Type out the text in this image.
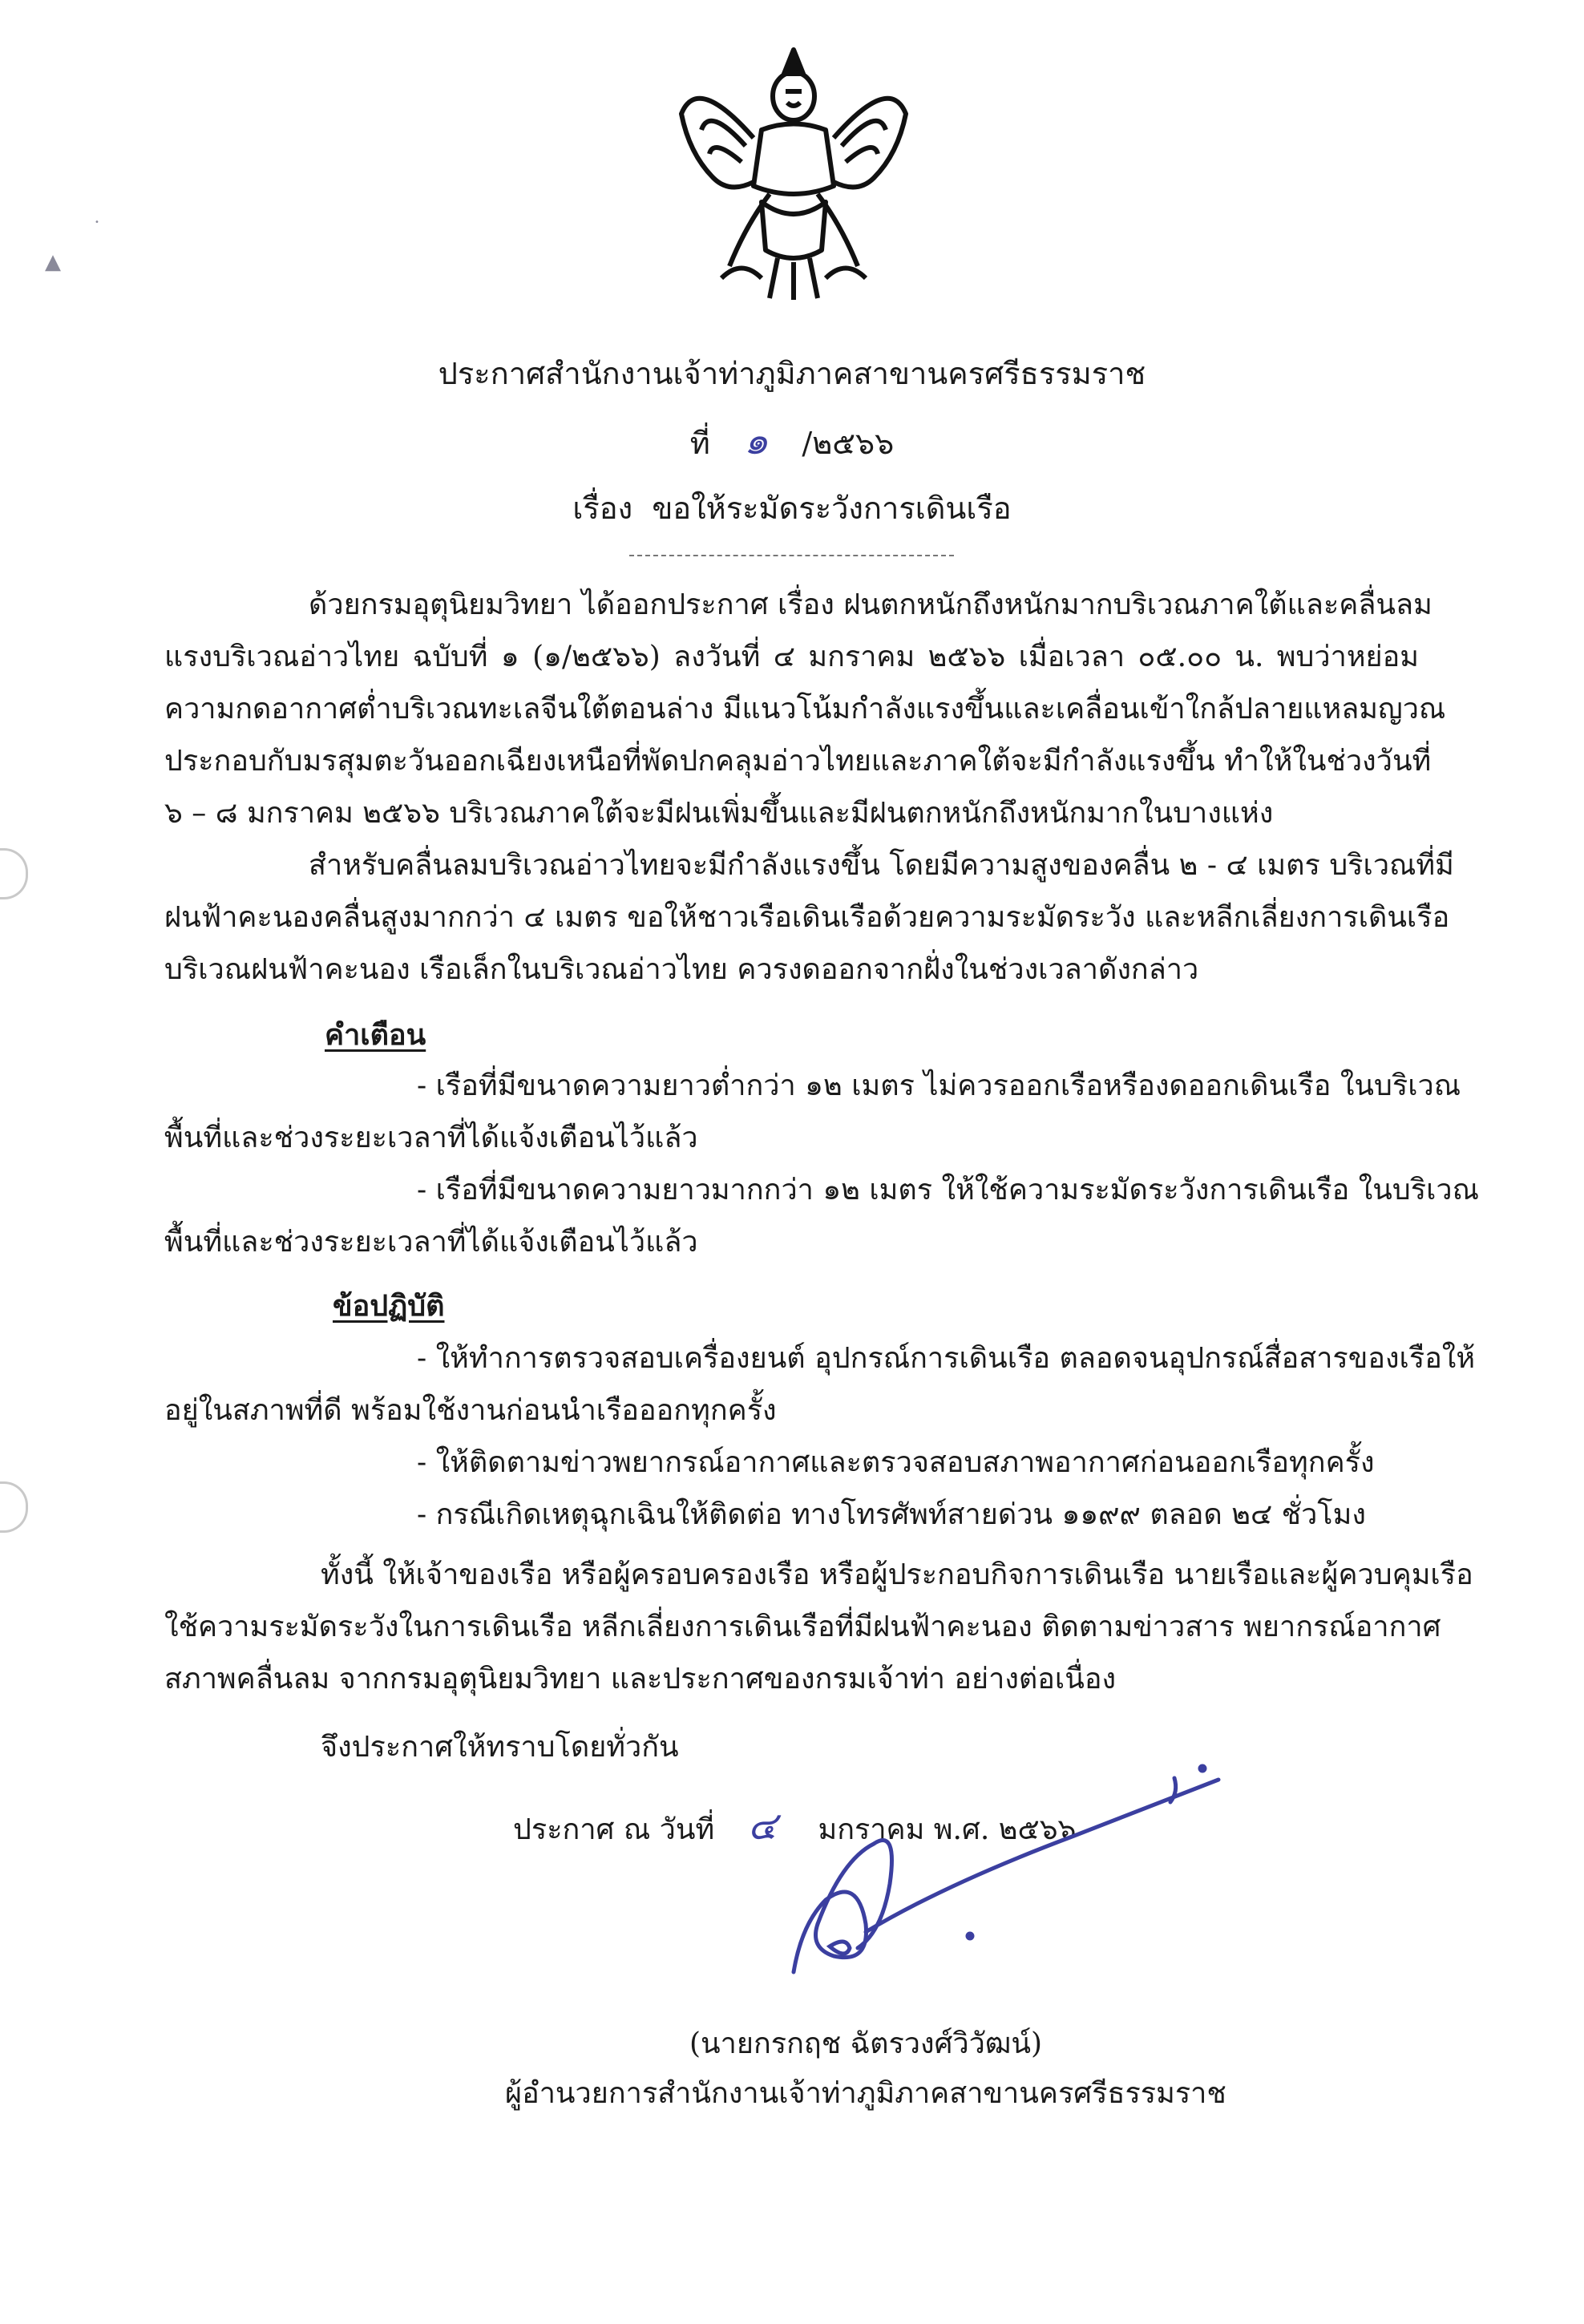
▲
•
ประกาศสำนักงานเจ้าท่าภูมิภาคสาขานครศรีธรรมราช
ที่ ๑ /๒๕๖๖
เรื่อง ขอให้ระมัดระวังการเดินเรือ
ด้วยกรมอุตุนิยมวิทยา ได้ออกประกาศ เรื่อง ฝนตกหนักถึงหนักมากบริเวณภาคใต้และคลื่นลม
แรงบริเวณอ่าวไทย ฉบับที่ ๑ (๑/๒๕๖๖) ลงวันที่ ๔ มกราคม ๒๕๖๖ เมื่อเวลา ๐๕.๐๐ น. พบว่าหย่อม
ความกดอากาศต่ำบริเวณทะเลจีนใต้ตอนล่าง มีแนวโน้มกำลังแรงขึ้นและเคลื่อนเข้าใกล้ปลายแหลมญวณ
ประกอบกับมรสุมตะวันออกเฉียงเหนือที่พัดปกคลุมอ่าวไทยและภาคใต้จะมีกำลังแรงขึ้น ทำให้ในช่วงวันที่
๖ – ๘ มกราคม ๒๕๖๖ บริเวณภาคใต้จะมีฝนเพิ่มขึ้นและมีฝนตกหนักถึงหนักมากในบางแห่ง
สำหรับคลื่นลมบริเวณอ่าวไทยจะมีกำลังแรงขึ้น โดยมีความสูงของคลื่น ๒ - ๔ เมตร บริเวณที่มี
ฝนฟ้าคะนองคลื่นสูงมากกว่า ๔ เมตร ขอให้ชาวเรือเดินเรือด้วยความระมัดระวัง และหลีกเลี่ยงการเดินเรือ
บริเวณฝนฟ้าคะนอง เรือเล็กในบริเวณอ่าวไทย ควรงดออกจากฝั่งในช่วงเวลาดังกล่าว
คำเตือน
- เรือที่มีขนาดความยาวต่ำกว่า ๑๒ เมตร ไม่ควรออกเรือหรืองดออกเดินเรือ ในบริเวณ
พื้นที่และช่วงระยะเวลาที่ได้แจ้งเตือนไว้แล้ว
- เรือที่มีขนาดความยาวมากกว่า ๑๒ เมตร ให้ใช้ความระมัดระวังการเดินเรือ ในบริเวณ
พื้นที่และช่วงระยะเวลาที่ได้แจ้งเตือนไว้แล้ว
ข้อปฏิบัติ
- ให้ทำการตรวจสอบเครื่องยนต์ อุปกรณ์การเดินเรือ ตลอดจนอุปกรณ์สื่อสารของเรือให้
อยู่ในสภาพที่ดี พร้อมใช้งานก่อนนำเรือออกทุกครั้ง
- ให้ติดตามข่าวพยากรณ์อากาศและตรวจสอบสภาพอากาศก่อนออกเรือทุกครั้ง
- กรณีเกิดเหตุฉุกเฉินให้ติดต่อ ทางโทรศัพท์สายด่วน ๑๑๙๙ ตลอด ๒๔ ชั่วโมง
ทั้งนี้ ให้เจ้าของเรือ หรือผู้ครอบครองเรือ หรือผู้ประกอบกิจการเดินเรือ นายเรือและผู้ควบคุมเรือ
ใช้ความระมัดระวังในการเดินเรือ หลีกเลี่ยงการเดินเรือที่มีฝนฟ้าคะนอง ติดตามข่าวสาร พยากรณ์อากาศ
สภาพคลื่นลม จากกรมอุตุนิยมวิทยา และประกาศของกรมเจ้าท่า อย่างต่อเนื่อง
จึงประกาศให้ทราบโดยทั่วกัน
ประกาศ ณ วันที่ ๔ มกราคม พ.ศ. ๒๕๖๖
(นายกรกฤช ฉัตรวงศ์วิวัฒน์)
ผู้อำนวยการสำนักงานเจ้าท่าภูมิภาคสาขานครศรีธรรมราช
